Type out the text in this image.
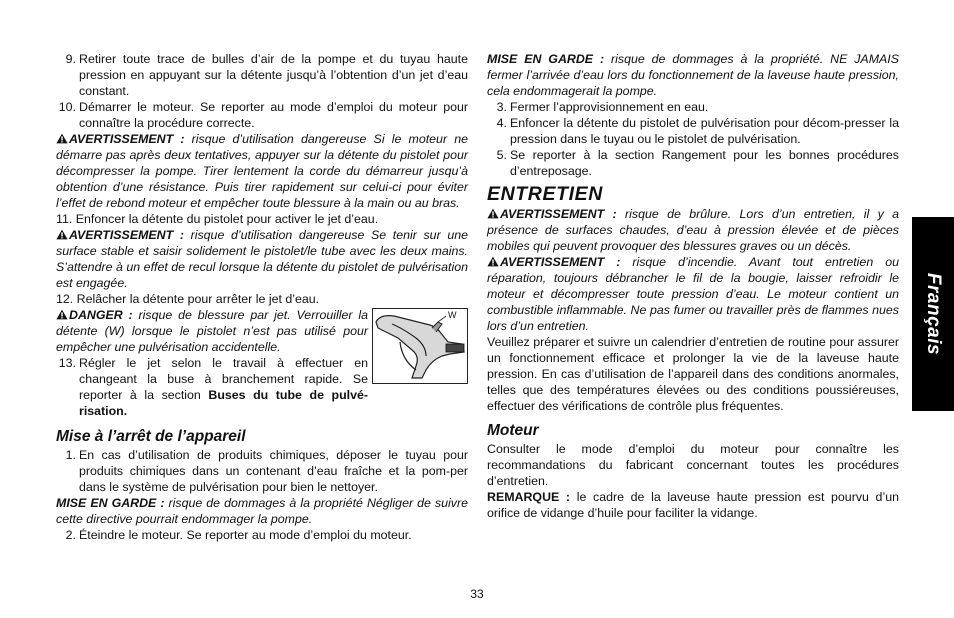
9. Retirer toute trace de bulles d’air de la pompe et du tuyau haute pression en appuyant sur la détente jusqu’à l’obtention d’un jet d’eau constant.
10. Démarrer le moteur. Se reporter au mode d’emploi du moteur pour connaître la procédure correcte.

AVERTISSEMENT : risque d’utilisation dangereuse Si le moteur ne démarre pas après deux tentatives, appuyer sur la détente du pistolet pour décompresser la pompe. Tirer lentement la corde du démarreur jusqu’à obtention d’une résistance. Puis tirer rapidement sur celui-ci pour éviter l’effet de rebond moteur et empêcher toute blessure à la main ou au bras.

11. Enfoncer la détente du pistolet pour activer le jet d’eau.

AVERTISSEMENT : risque d’utilisation dangereuse Se tenir sur une surface stable et saisir solidement le pistolet/le tube avec les deux mains. S’attendre à un effet de recul lorsque la détente du pistolet de pulvérisation est engagée.

12. Relâcher la détente pour arrêter le jet d’eau.

DANGER : risque de blessure par jet. Verrouiller la détente (W) lorsque le pistolet n’est pas utilisé pour empêcher une pulvérisation accidentelle.

13. Régler le jet selon le travail à effectuer en changeant la buse à branchement rapide. Se reporter à la section Buses du tube de pulvé-risation.
W
Mise à l’arrêt de l’appareil
1. En cas d’utilisation de produits chimiques, déposer le tuyau pour produits chimiques dans un contenant d’eau fraîche et la pom-per dans le système de pulvérisation pour bien le nettoyer.

MISE EN GARDE : risque de dommages à la propriété Négliger de suivre cette directive pourrait endommager la pompe.

2. Éteindre le moteur. Se reporter au mode d’emploi du moteur.

MISE EN GARDE : risque de dommages à la propriété. NE JAMAIS fermer l’arrivée d’eau lors du fonctionnement de la laveuse haute pression, cela endommagerait la pompe.

3. Fermer l’approvisionnement en eau.
4. Enfoncer la détente du pistolet de pulvérisation pour décom-presser la pression dans le tuyau ou le pistolet de pulvérisation.
5. Se reporter à la section Rangement pour les bonnes procédures d’entreposage.
ENTRETIEN

AVERTISSEMENT : risque de brûlure. Lors d’un entretien, il y a présence de surfaces chaudes, d’eau à pression élevée et de pièces mobiles qui peuvent provoquer des blessures graves ou un décès.

AVERTISSEMENT : risque d’incendie. Avant tout entretien ou réparation, toujours débrancher le fil de la bougie, laisser refroidir le moteur et décompresser toute pression d’eau. Le moteur contient un combustible inflammable. Ne pas fumer ou travailler près de flammes nues lors d’un entretien.

Veuillez préparer et suivre un calendrier d’entretien de routine pour assurer un fonctionnement efficace et prolonger la vie de la laveuse haute pression. En cas d’utilisation de l’appareil dans des conditions anormales, telles que des températures élevées ou des conditions poussiéreuses, effectuer des vérifications de contrôle plus fréquentes.

Moteur

Consulter le mode d’emploi du moteur pour connaître les recommandations du fabricant concernant toutes les procédures d’entretien.

REMARQUE : le cadre de la laveuse haute pression est pourvu d’un orifice de vidange d’huile pour faciliter la vidange.

Français
33
